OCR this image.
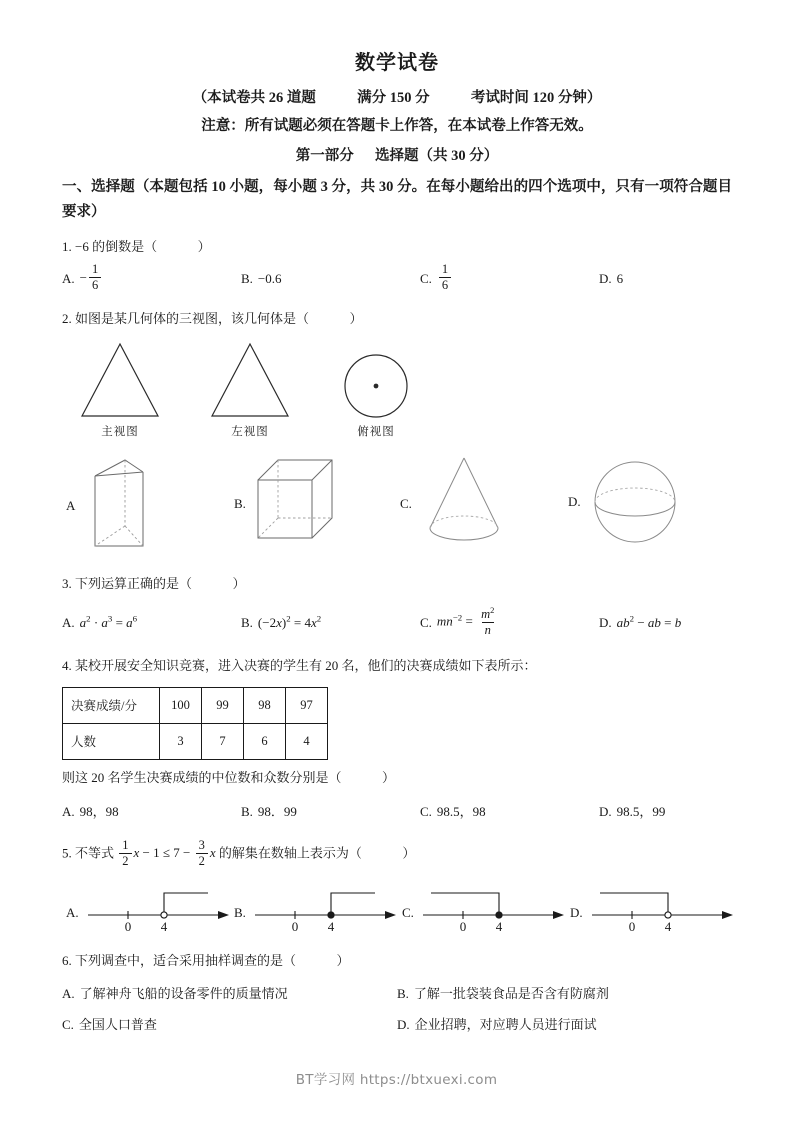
数学试卷
（本试卷共 26 道题	满分 150 分	考试时间 120 分钟）
注意：所有试题必须在答题卡上作答，在本试卷上作答无效。
第一部分 选择题（共 30 分）
一、选择题（本题包括 10 小题，每小题 3 分，共 30 分。在每小题给出的四个选项中，只有一项符合题目要求）
1. −6 的倒数是（	）
A. − $\frac{1}{6}$	B. −0.6	C. $\frac{1}{6}$	D. 6
2. 如图是某几何体的三视图，该几何体是（	）
主视图	左视图	俯视图
A	B.	C.	D.
3. 下列运算正确的是（	）
A. $a^2 \cdot a^3 = a^6$	B. $(-2x)^2 = 4x^2$	C. $mn^{-2} = \frac{m^2}{n}$	D. $ab^2$ − ab = b
4. 某校开展安全知识竞赛，进入决赛的学生有 20 名，他们的决赛成绩如下表所示：
决赛成绩/分	100	99	98	97
人数	3	7	6	4
则这 20 名学生决赛成绩的中位数和众数分别是（	）
A. 98，98	B. 98．99	C. 98.5，98	D. 98.5，99
5. 不等式 $\frac{1}{2}$ $x - 1 \le 7 - \frac{3}{2}$ x 的解集在数轴上表示为（	）
A.
0 4
B.
0 4
C.
0 4
D.
0 4
6. 下列调查中，适合采用抽样调查的是（	）
A. 了解神舟飞船的设备零件的质量情况	B. 了解一批袋装食品是否含有防腐剂
C. 全国人口普查	D. 企业招聘，对应聘人员进行面试
BT学习网 https://btxuexi.com
